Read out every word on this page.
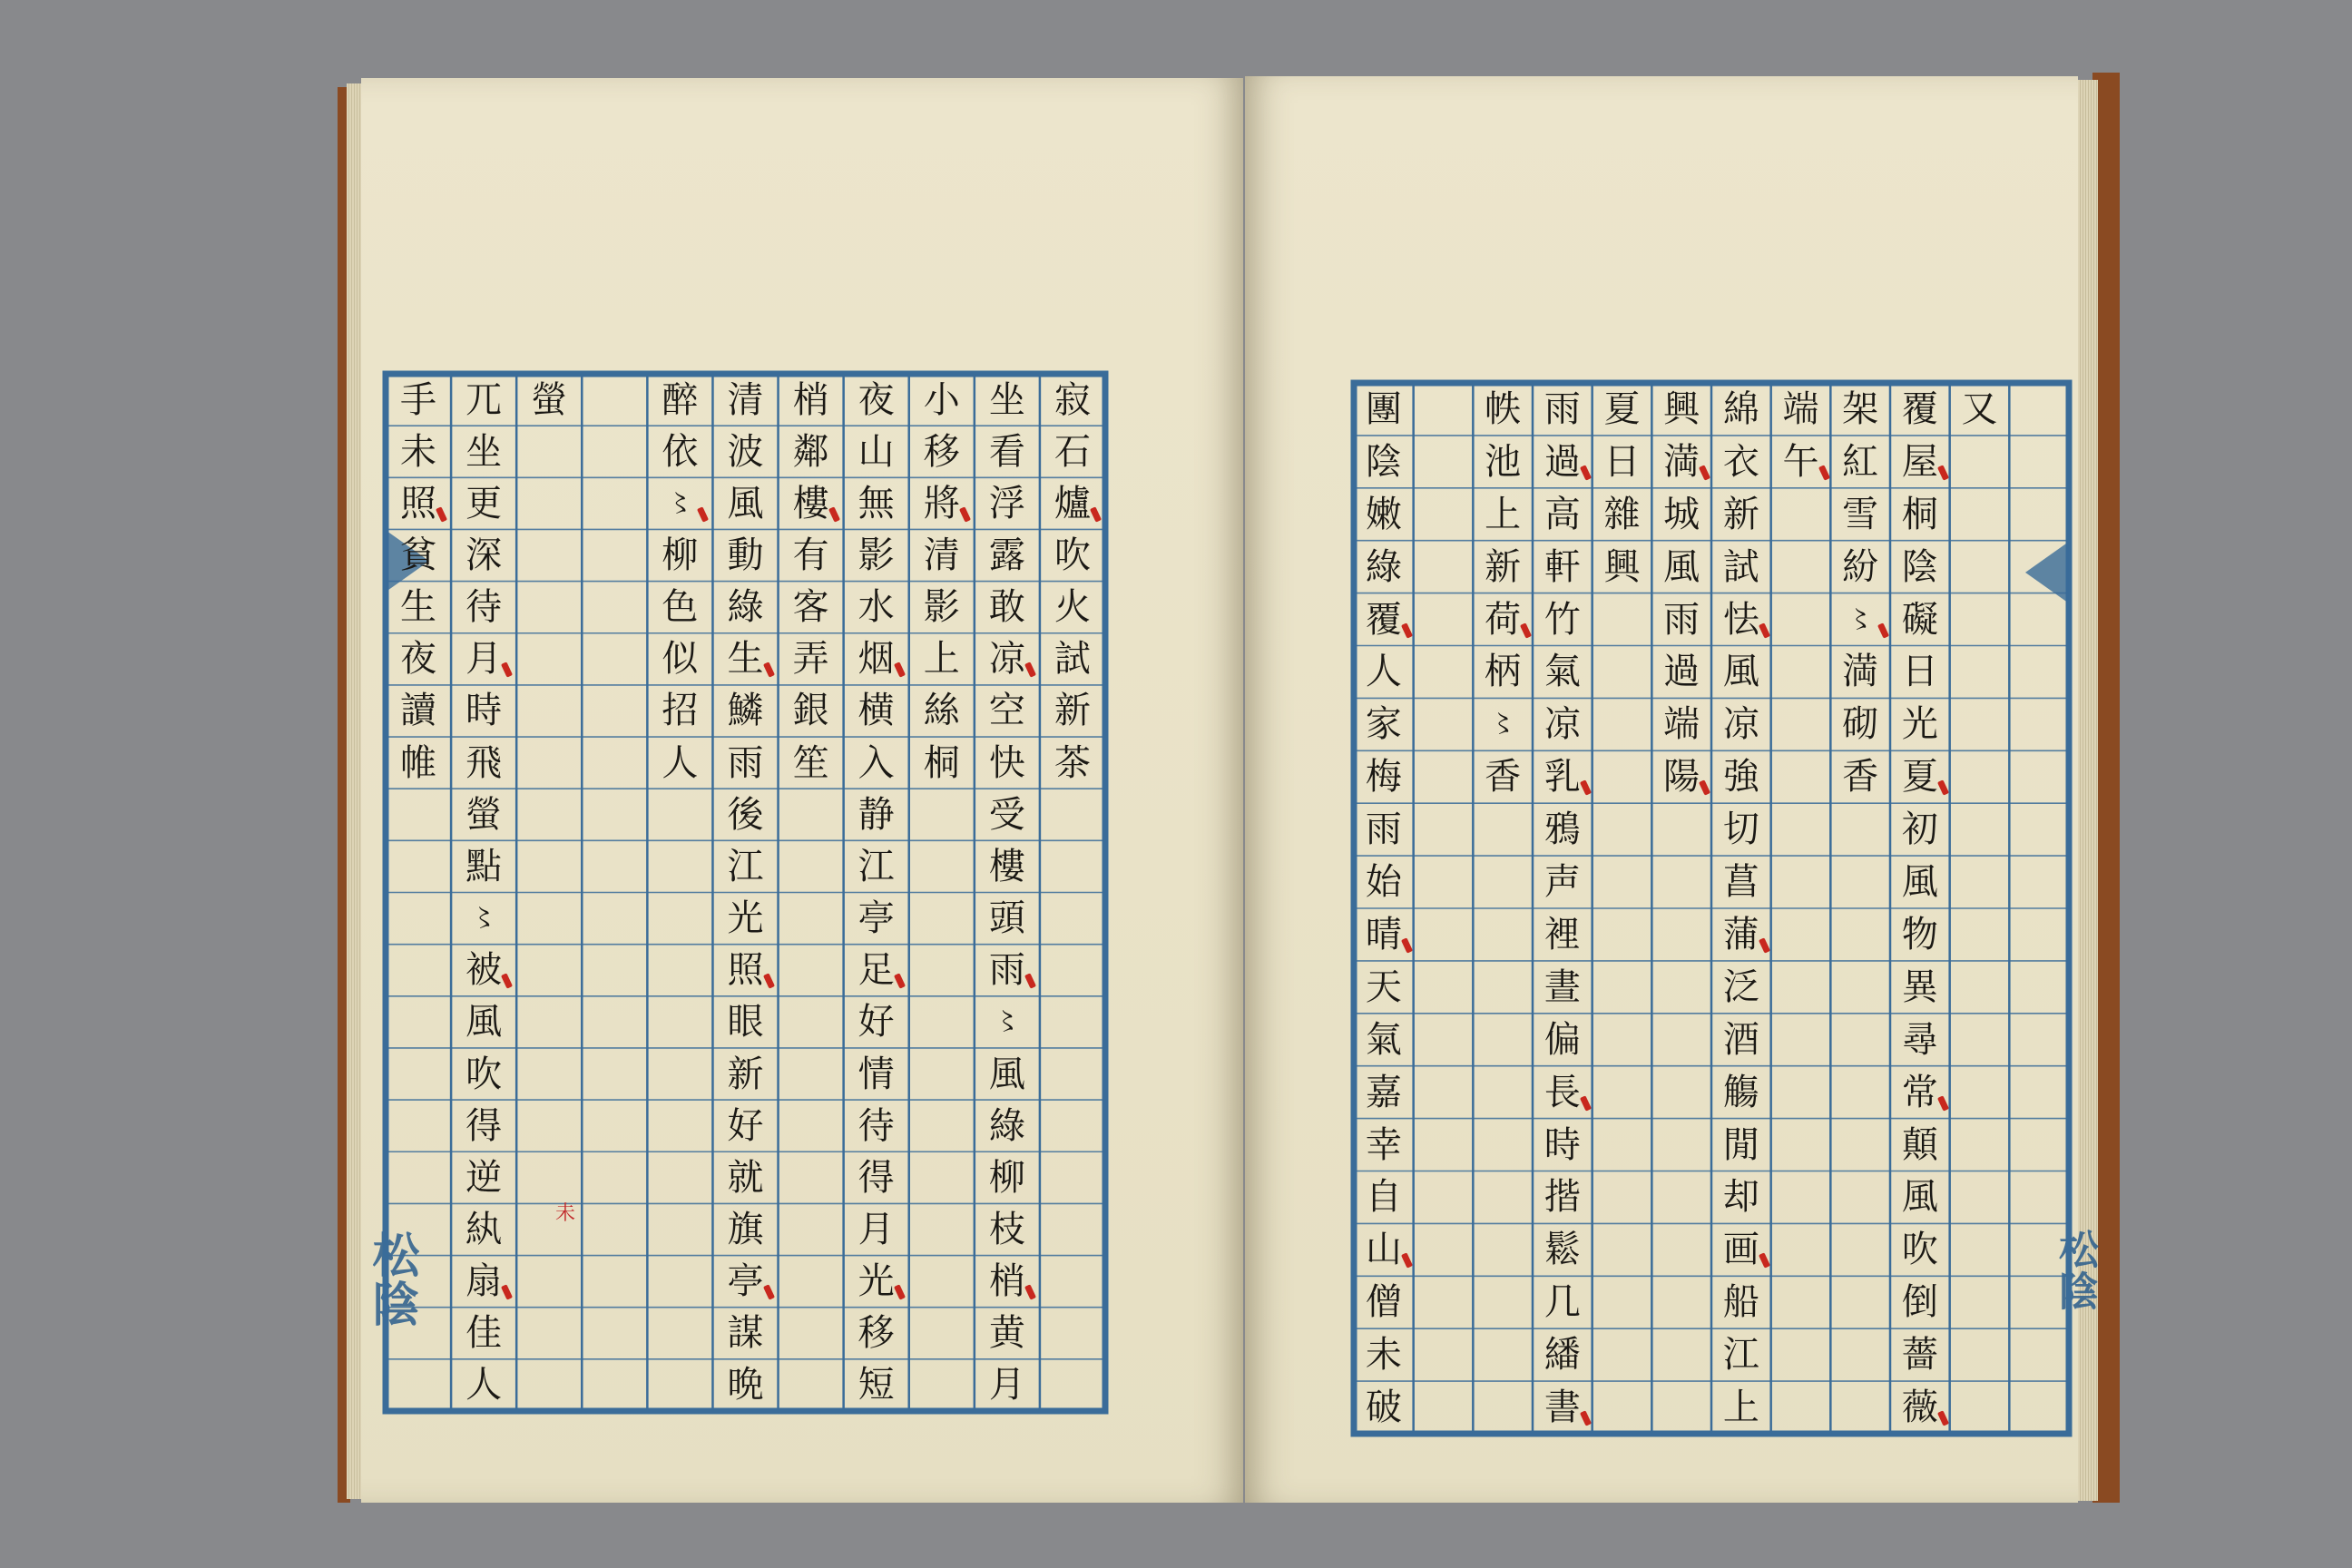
松陰	松陰
寂
石
爐
吹
火
試
新
茶
坐
看
浮
露
敢
凉
空
快
受
樓
頭
雨
〻
風
綠
柳
枝
梢
黄
月
小
移
將
清
影
上
絲
桐
夜
山
無
影
水
烟
横
入
静
江
亭
足
好
情
待
得
月
光
移
短
梢
鄰
樓
有
客
弄
銀
笙
清
波
風
動
綠
生
鱗
雨
後
江
光
照
眼
新
好
就
旗
亭
謀
晩
醉
依
〻
柳
色
似
招
人
螢
兀
坐
更
深
待
月
時
飛
螢
點
〻
被
風
吹
得
逆
紈
扇
佳
人
手
未
照
貧
生
夜
讀
帷
又
覆
屋
桐
陰
礙
日
光
夏
初
風
物
異
尋
常
顛
風
吹
倒
薔
薇
架
紅
雪
紛
〻
満
砌
香
端
午
綿
衣
新
試
怯
風
凉
強
切
菖
蒲
泛
酒
觴
閒
却
画
船
江
上
興
満
城
風
雨
過
端
陽
夏
日
雜
興
雨
過
高
軒
竹
氣
凉
乳
鴉
声
裡
晝
偏
長
時
揩
鬆
几
繙
書
帙
池
上
新
荷
柄
〻
香
團
陰
嫩
綠
覆
人
家
梅
雨
始
晴
天
氣
嘉
幸
自
山
僧
未
破
未
